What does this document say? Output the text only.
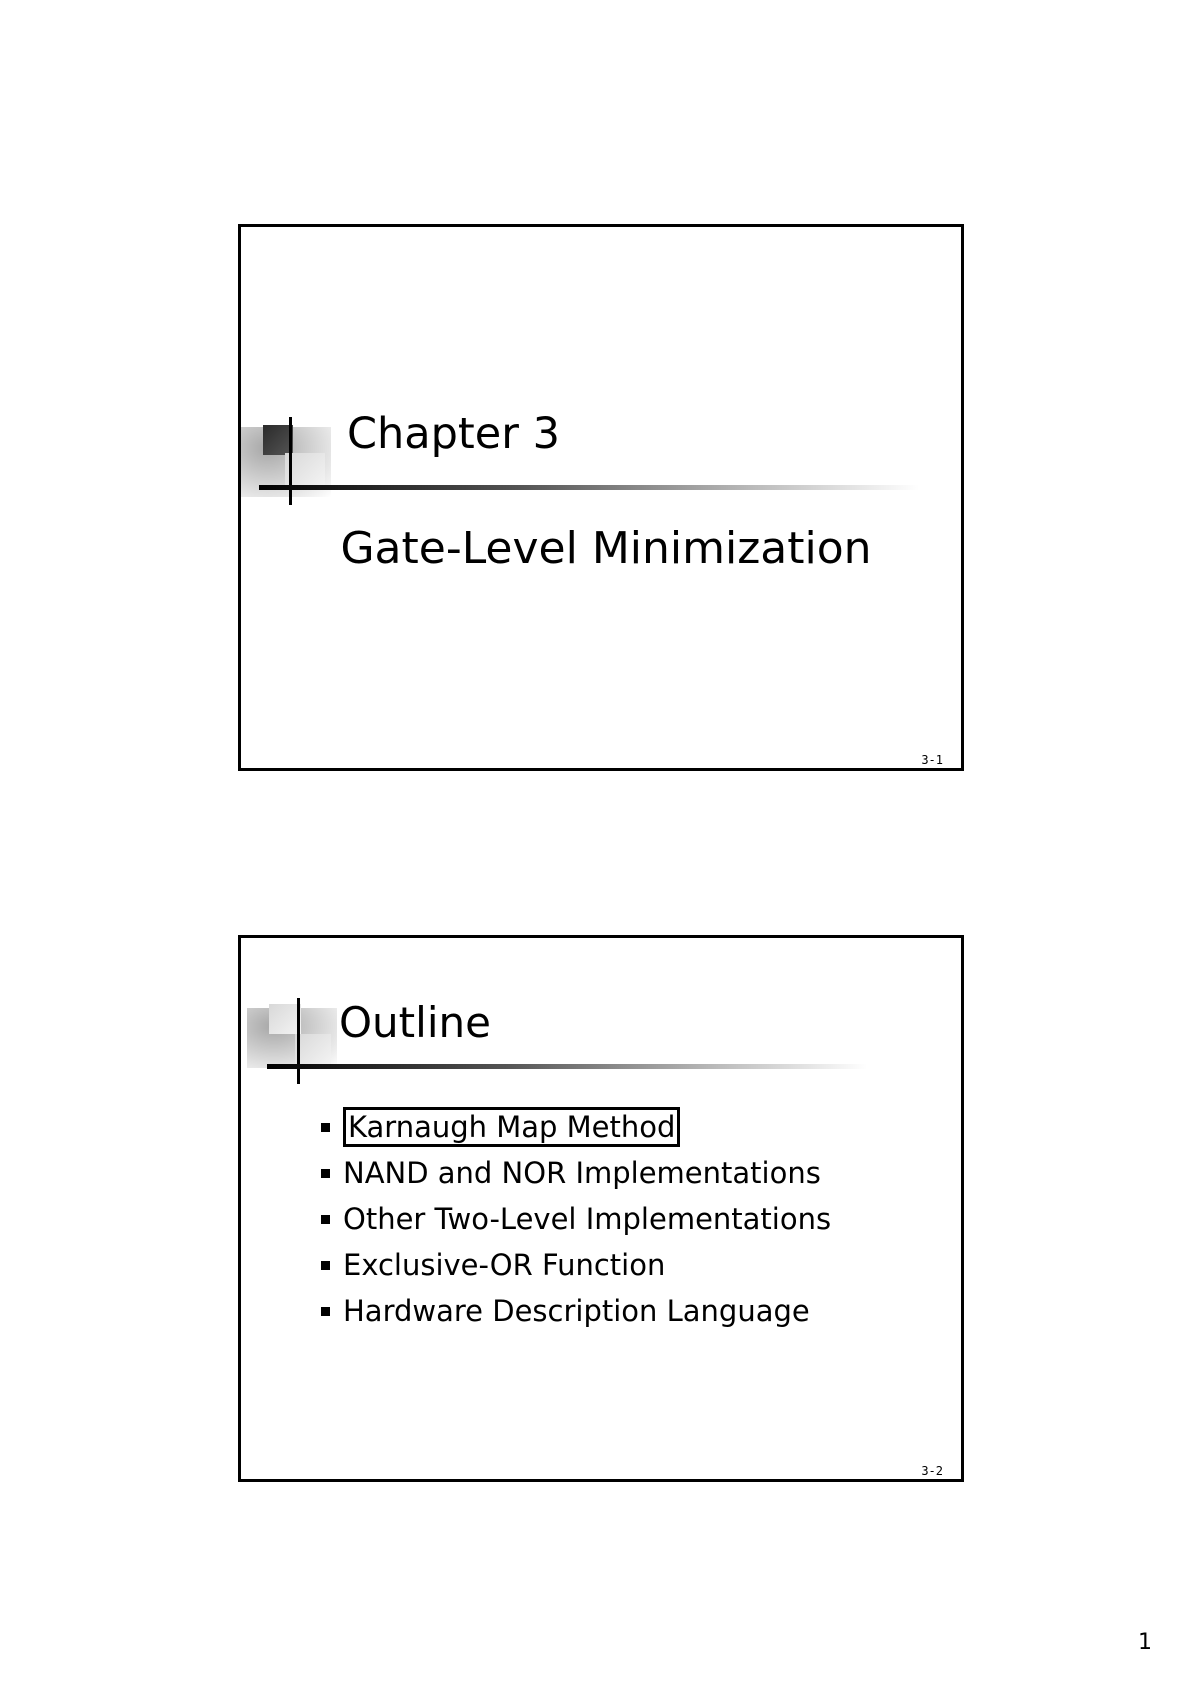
Chapter 3
Gate-Level Minimization
3-1
Outline
Karnaugh Map Method
NAND and NOR Implementations
Other Two-Level Implementations
Exclusive-OR Function
Hardware Description Language
3-2
1
